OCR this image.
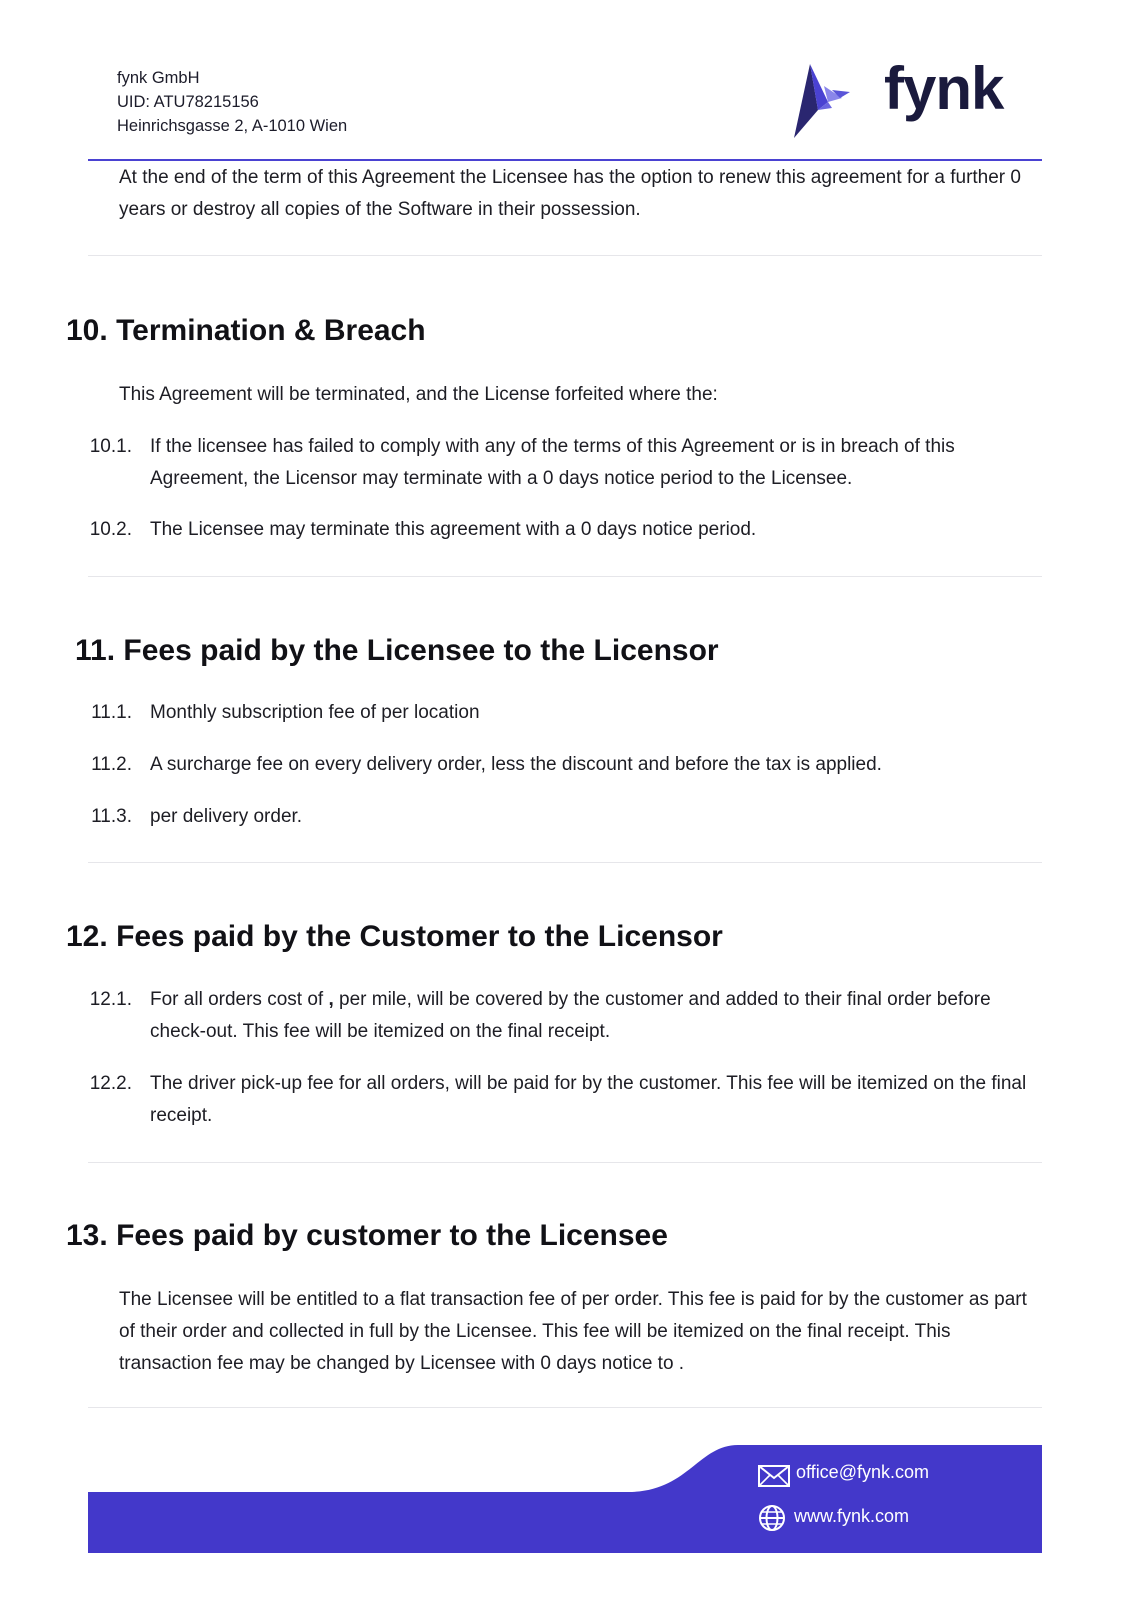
fynk GmbH
UID: ATU78215156
Heinrichsgasse 2, A-1010 Wien
fynk
At the end of the term of this Agreement the Licensee has the option to renew this agreement for a further 0 years or destroy all copies of the Software in their possession.
10. Termination & Breach
This Agreement will be terminated, and the License forfeited where the:
10.1. If the licensee has failed to comply with any of the terms of this Agreement or is in breach of this Agreement, the Licensor may terminate with a 0 days notice period to the Licensee.
10.2. The Licensee may terminate this agreement with a 0 days notice period.
11. Fees paid by the Licensee to the Licensor
11.1. Monthly subscription fee of per location
11.2. A surcharge fee on every delivery order, less the discount and before the tax is applied.
11.3. per delivery order.
12. Fees paid by the Customer to the Licensor
12.1. For all orders cost of , per mile, will be covered by the customer and added to their final order before check-out. This fee will be itemized on the final receipt.
12.2. The driver pick-up fee for all orders, will be paid for by the customer. This fee will be itemized on the final receipt.
13. Fees paid by customer to the Licensee
The Licensee will be entitled to a flat transaction fee of per order. This fee is paid for by the customer as part of their order and collected in full by the Licensee. This fee will be itemized on the final receipt. This transaction fee may be changed by Licensee with 0 days notice to .
office@fynk.com
www.fynk.com
